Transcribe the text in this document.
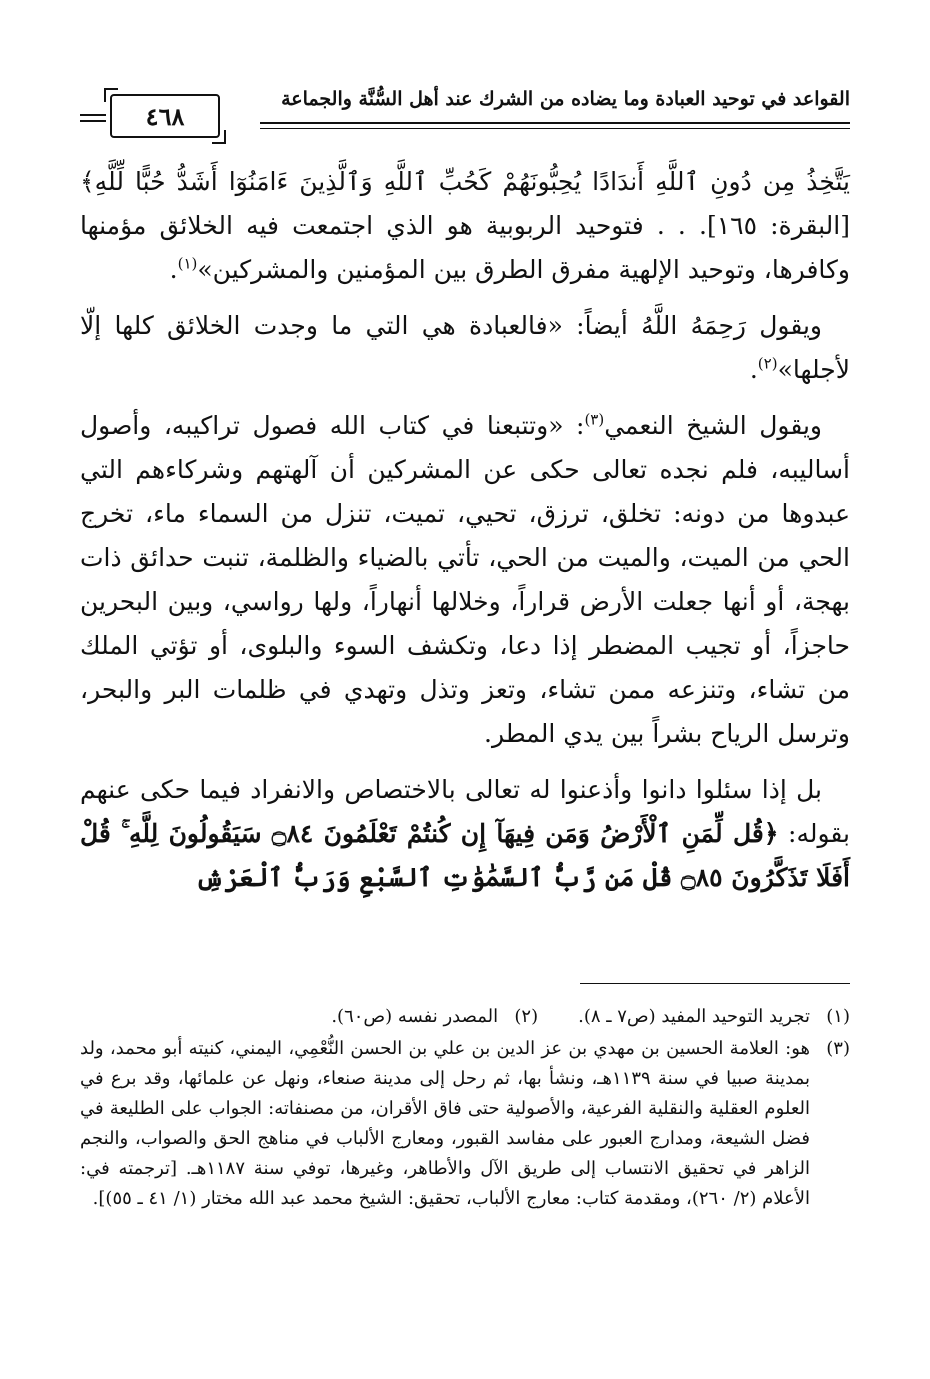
القواعد في توحيد العبادة وما يضاده من الشرك عند أهل السُّنَّة والجماعة
٤٦٨

يَتَّخِذُ مِن دُونِ ٱللَّهِ أَندَادًا يُحِبُّونَهُمْ كَحُبِّ ٱللَّهِ وَٱلَّذِينَ ءَامَنُوٓا أَشَدُّ حُبًّا لِّلَّهِ﴾ [البقرة: ١٦٥]. . . فتوحيد الربوبية هو الذي اجتمعت فيه الخلائق مؤمنها وكافرها، وتوحيد الإلهية مفرق الطرق بين المؤمنين والمشركين»$^{(١)}$.

ويقول رَحِمَهُ اللَّهُ أيضاً: «فالعبادة هي التي ما وجدت الخلائق كلها إلّا لأجلها»$^{(٢)}$.

ويقول الشيخ النعمي$^{(٣)}$: «وتتبعنا في كتاب الله فصول تراكيبه، وأصول أساليبه، فلم نجده تعالى حكى عن المشركين أن آلهتهم وشركاءهم التي عبدوها من دونه: تخلق، ترزق، تحيي، تميت، تنزل من السماء ماء، تخرج الحي من الميت، والميت من الحي، تأتي بالضياء والظلمة، تنبت حدائق ذات بهجة، أو أنها جعلت الأرض قراراً، وخلالها أنهاراً، ولها رواسي، وبين البحرين حاجزاً، أو تجيب المضطر إذا دعا، وتكشف السوء والبلوى، أو تؤتي الملك من تشاء، وتنزعه ممن تشاء، وتعز وتذل وتهدي في ظلمات البر والبحر، وترسل الرياح بشراً بين يدي المطر.

بل إذا سئلوا دانوا وأذعنوا له تعالى بالاختصاص والانفراد فيما حكى عنهم بقوله: ﴿قُل لِّمَنِ ٱلْأَرْضُ وَمَن فِيهَآ إِن كُنتُمْ تَعْلَمُونَ ۝٨٤ سَيَقُولُونَ لِلَّهِ ۚ قُلْ أَفَلَا تَذَكَّرُونَ ۝٨٥ قُلْ مَن رَّبُّ ٱلسَّمَٰوَٰتِ ٱلسَّبْعِ وَرَبُّ ٱلْعَرْشِ

(١)
تجريد التوحيد المفيد (ص٧ ـ ٨).
(٢)
المصدر نفسه (ص٦٠).
(٣)
هو: العلامة الحسين بن مهدي بن عز الدين بن علي بن الحسن النُّعْمِي، اليمني، كنيته أبو محمد، ولد بمدينة صبيا في سنة ١١٣٩هـ، ونشأ بها، ثم رحل إلى مدينة صنعاء، ونهل عن علمائها، وقد برع في العلوم العقلية والنقلية الفرعية، والأصولية حتى فاق الأقران، من مصنفاته: الجواب على الطليعة في فضل الشيعة، ومدارج العبور على مفاسد القبور، ومعارج الألباب في مناهج الحق والصواب، والنجم الزاهر في تحقيق الانتساب إلى طريق الآل والأطاهر، وغيرها، توفي سنة ١١٨٧هـ. [ترجمته في: الأعلام (٢/ ٢٦٠)، ومقدمة كتاب: معارج الألباب، تحقيق: الشيخ محمد عبد الله مختار (١/ ٤١ ـ ٥٥)].
